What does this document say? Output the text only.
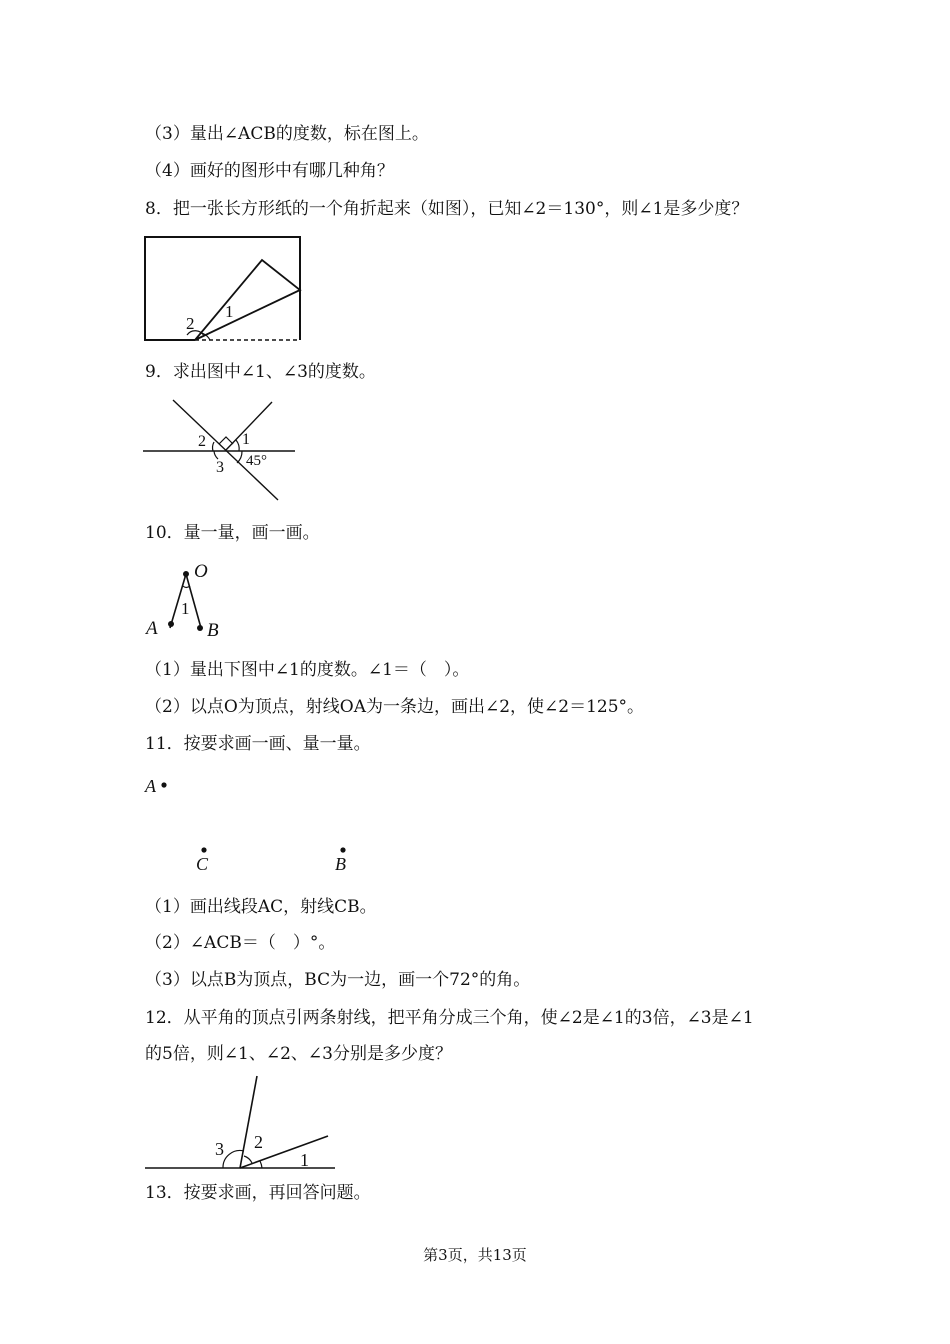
（3）量出∠ACB的度数，标在图上。
（4）画好的图形中有哪几种角？
8．把一张长方形纸的一个角折起来（如图），已知∠2＝130°，则∠1是多少度？
2
1
9．求出图中∠1、∠3的度数。
2 1
3 45°
10．量一量，画一画。
O
1
A	B
（1）量出下图中∠1的度数。∠1＝（　）。
（2）以点O为顶点，射线OA为一条边，画出∠2，使∠2＝125°。
11．按要求画一画、量一量。
A
C	B
（1）画出线段AC，射线CB。
（2）∠ACB＝（　）°。
（3）以点B为顶点，BC为一边，画一个72°的角。
12．从平角的顶点引两条射线，把平角分成三个角，使∠2是∠1的3倍，∠3是∠1
的5倍，则∠1、∠2、∠3分别是多少度？
3 2
1
13．按要求画，再回答问题。
第3页，共13页
